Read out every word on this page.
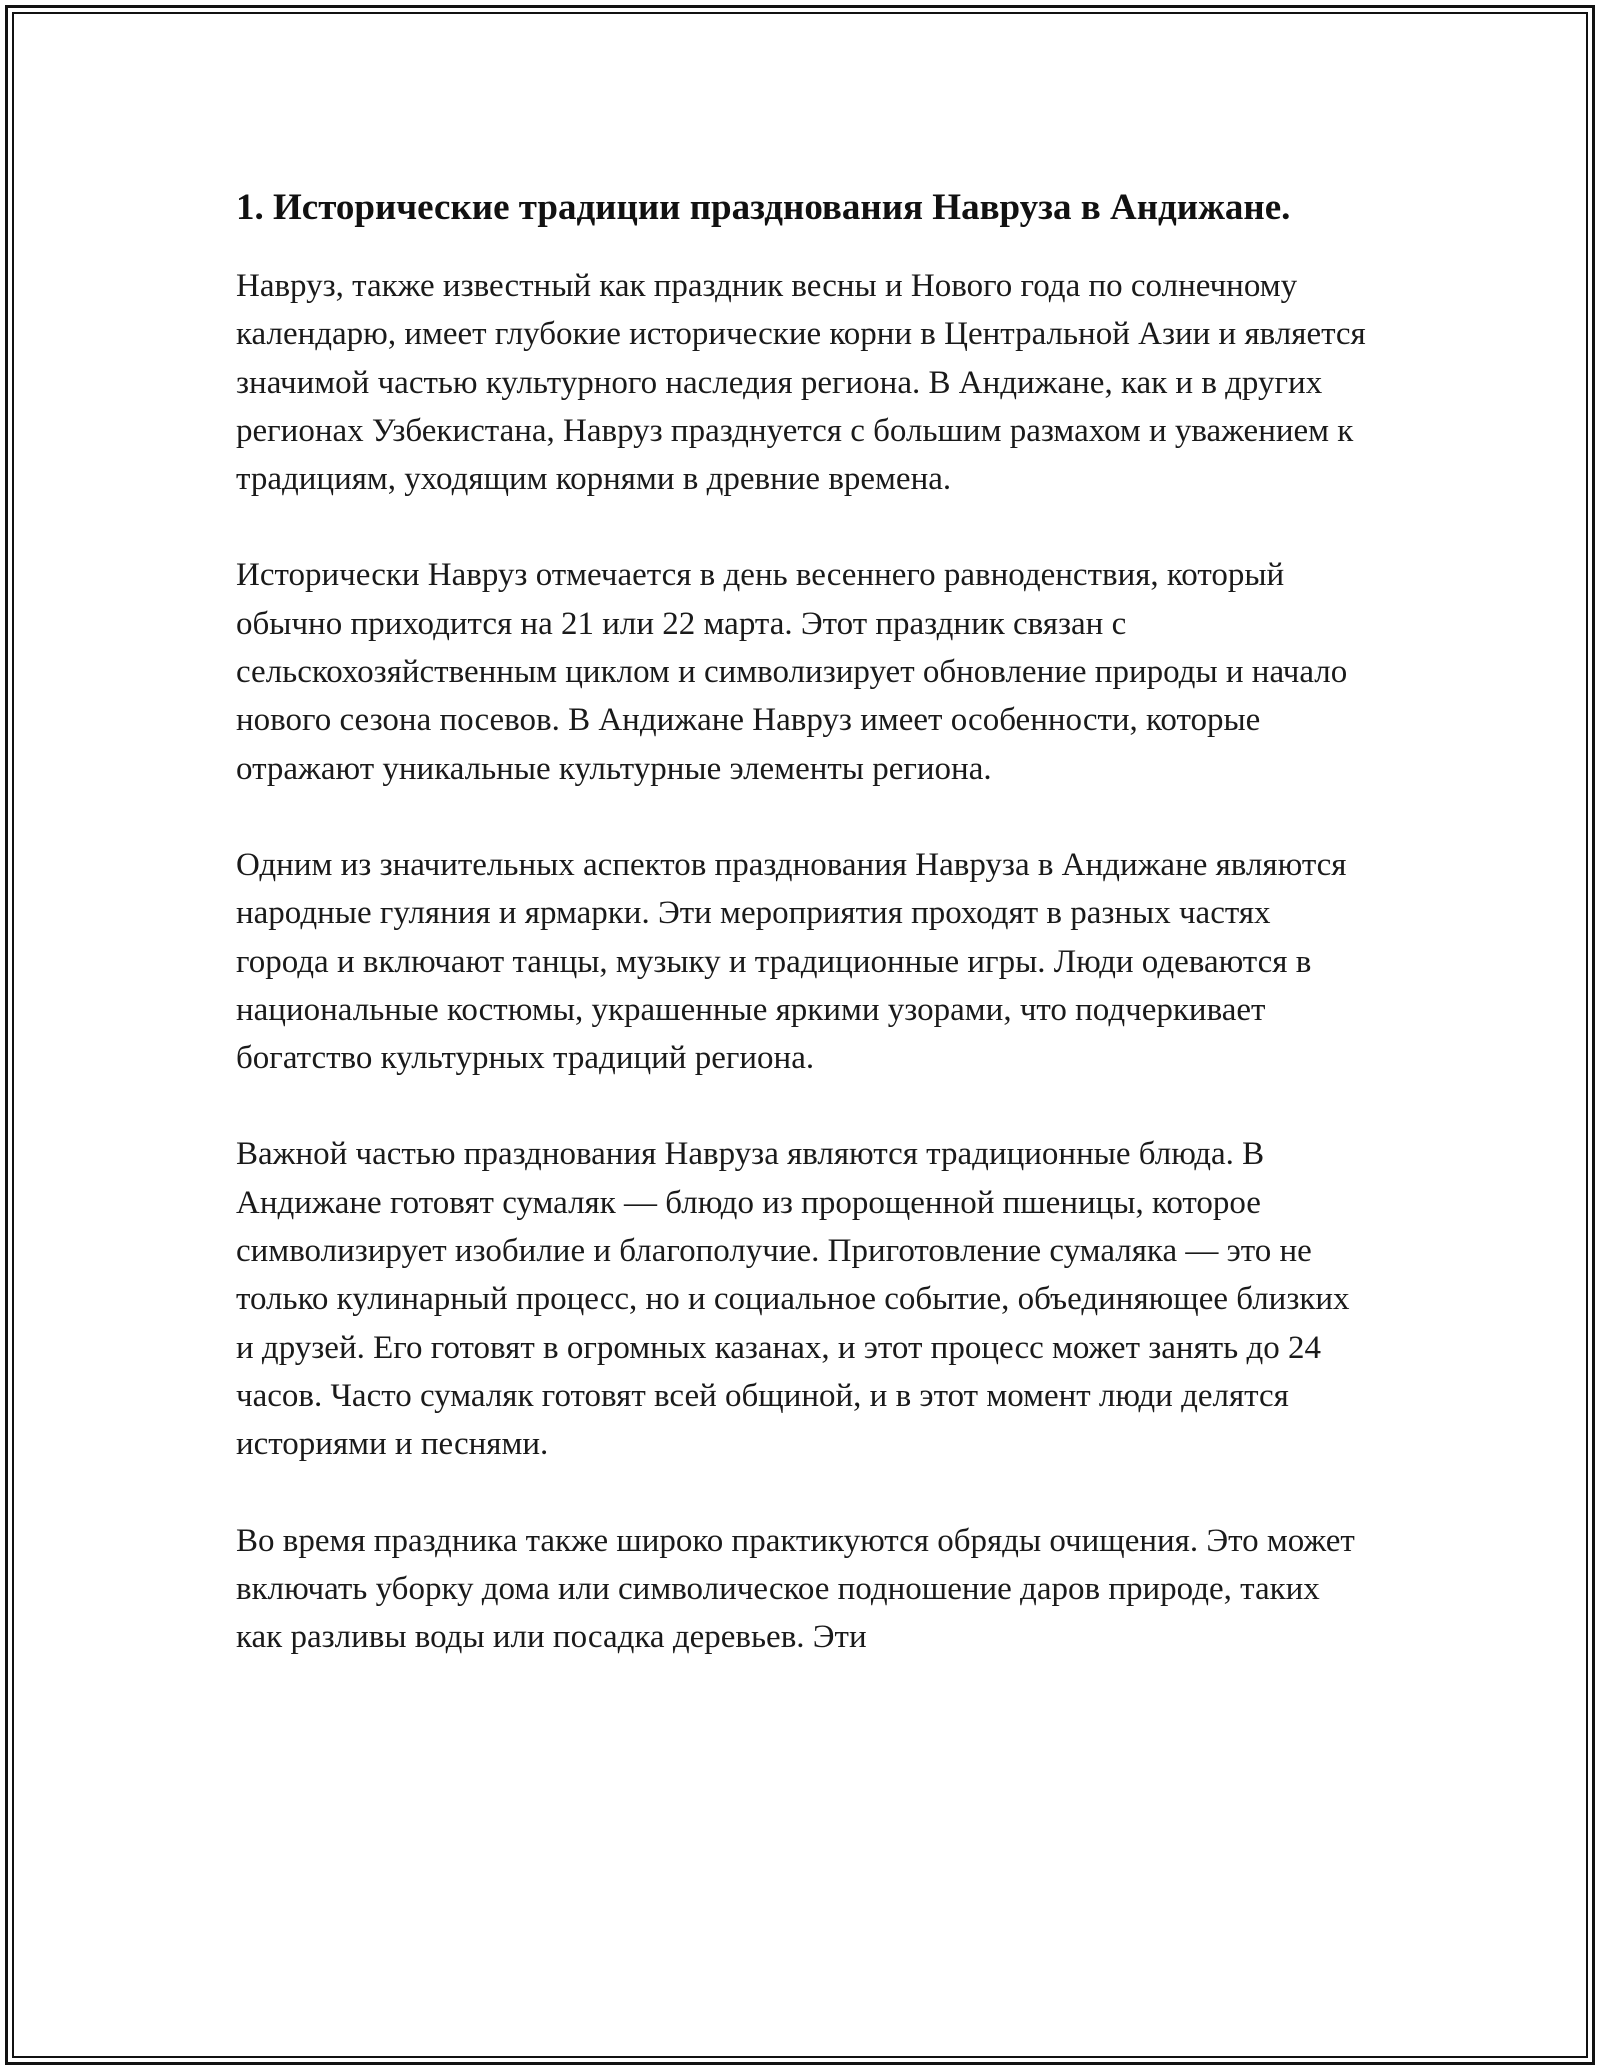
1. Исторические традиции празднования Навруза в Андижане.

Навруз, также известный как праздник весны и Нового года по солнечному календарю, имеет глубокие исторические корни в Центральной Азии и является значимой частью культурного наследия региона. В Андижане, как и в других регионах Узбекистана, Навруз празднуется с большим размахом и уважением к традициям, уходящим корнями в древние времена.

Исторически Навруз отмечается в день весеннего равноденствия, который обычно приходится на 21 или 22 марта. Этот праздник связан с сельскохозяйственным циклом и символизирует обновление природы и начало нового сезона посевов. В Андижане Навруз имеет особенности, которые отражают уникальные культурные элементы региона.

Одним из значительных аспектов празднования Навруза в Андижане являются народные гуляния и ярмарки. Эти мероприятия проходят в разных частях города и включают танцы, музыку и традиционные игры. Люди одеваются в национальные костюмы, украшенные яркими узорами, что подчеркивает богатство культурных традиций региона.

Важной частью празднования Навруза являются традиционные блюда. В Андижане готовят сумаляк — блюдо из пророщенной пшеницы, которое символизирует изобилие и благополучие. Приготовление сумаляка — это не только кулинарный процесс, но и социальное событие, объединяющее близких и друзей. Его готовят в огромных казанах, и этот процесс может занять до 24 часов. Часто сумаляк готовят всей общиной, и в этот момент люди делятся историями и песнями.

Во время праздника также широко практикуются обряды очищения. Это может включать уборку дома или символическое подношение даров природе, таких как разливы воды или посадка деревьев. Эти
